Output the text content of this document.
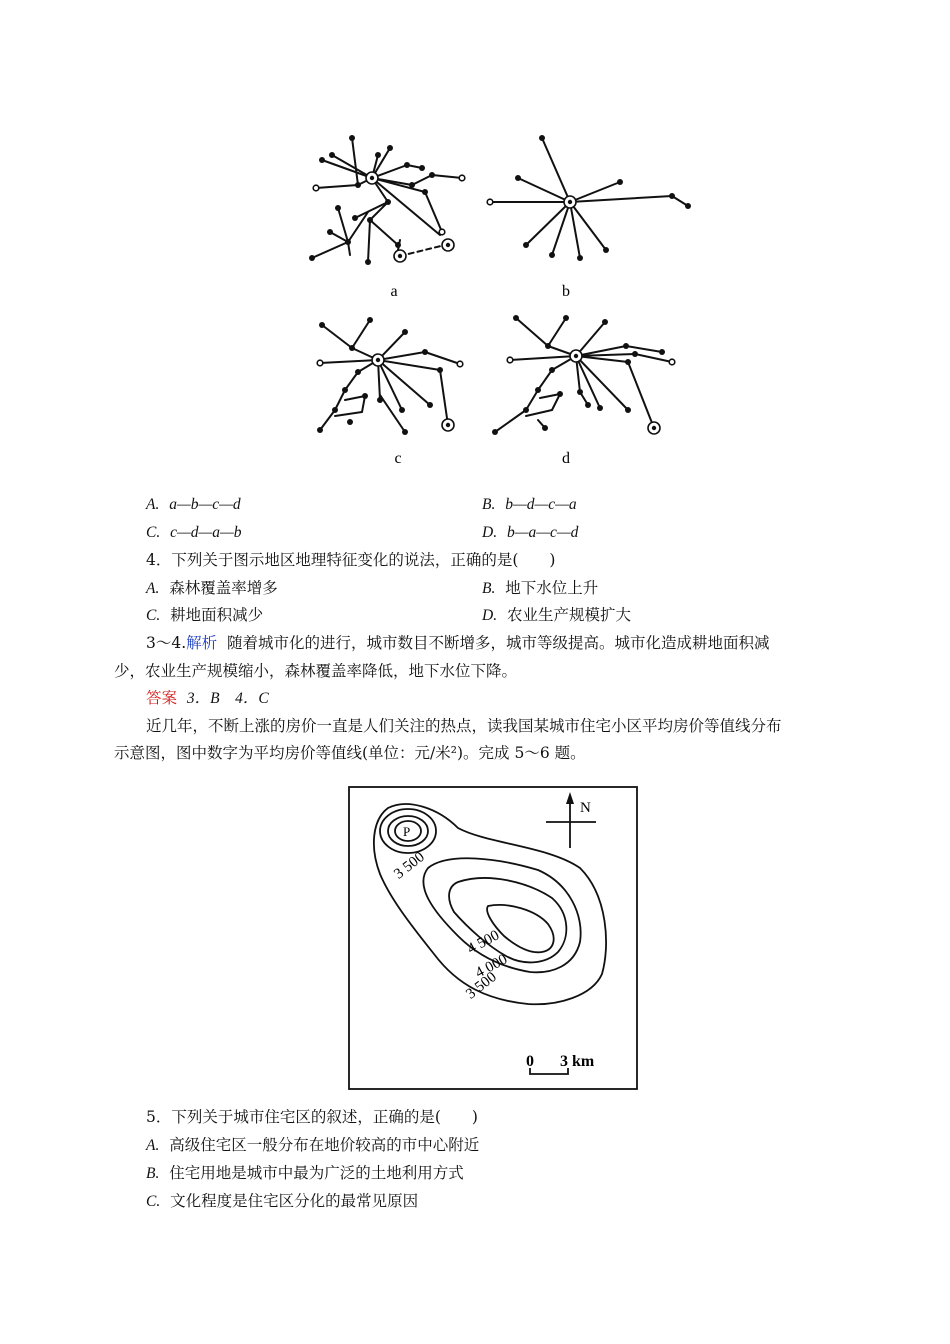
a	b
c	d
A. a—b—c—d	B. b—d—c—a
C. c—d—a—b	D. b—a—c—d
4．下列关于图示地区地理特征变化的说法，正确的是(　　)
A. 森林覆盖率增多	B. 地下水位上升
C. 耕地面积减少	D. 农业生产规模扩大
3～4.解析 随着城市化的进行，城市数目不断增多，城市等级提高。城市化造成耕地面积减
少，农业生产规模缩小，森林覆盖率降低，地下水位下降。
答案 3．B　4．C
近几年，不断上涨的房价一直是人们关注的热点，读我国某城市住宅小区平均房价等值线分布
示意图，图中数字为平均房价等值线(单位：元/米²)。完成 5～6 题。
N
P
3 500
4 500
4 000
3 500
0 3 km
5．下列关于城市住宅区的叙述，正确的是(　　)
A. 高级住宅区一般分布在地价较高的市中心附近
B. 住宅用地是城市中最为广泛的土地利用方式
C. 文化程度是住宅区分化的最常见原因
